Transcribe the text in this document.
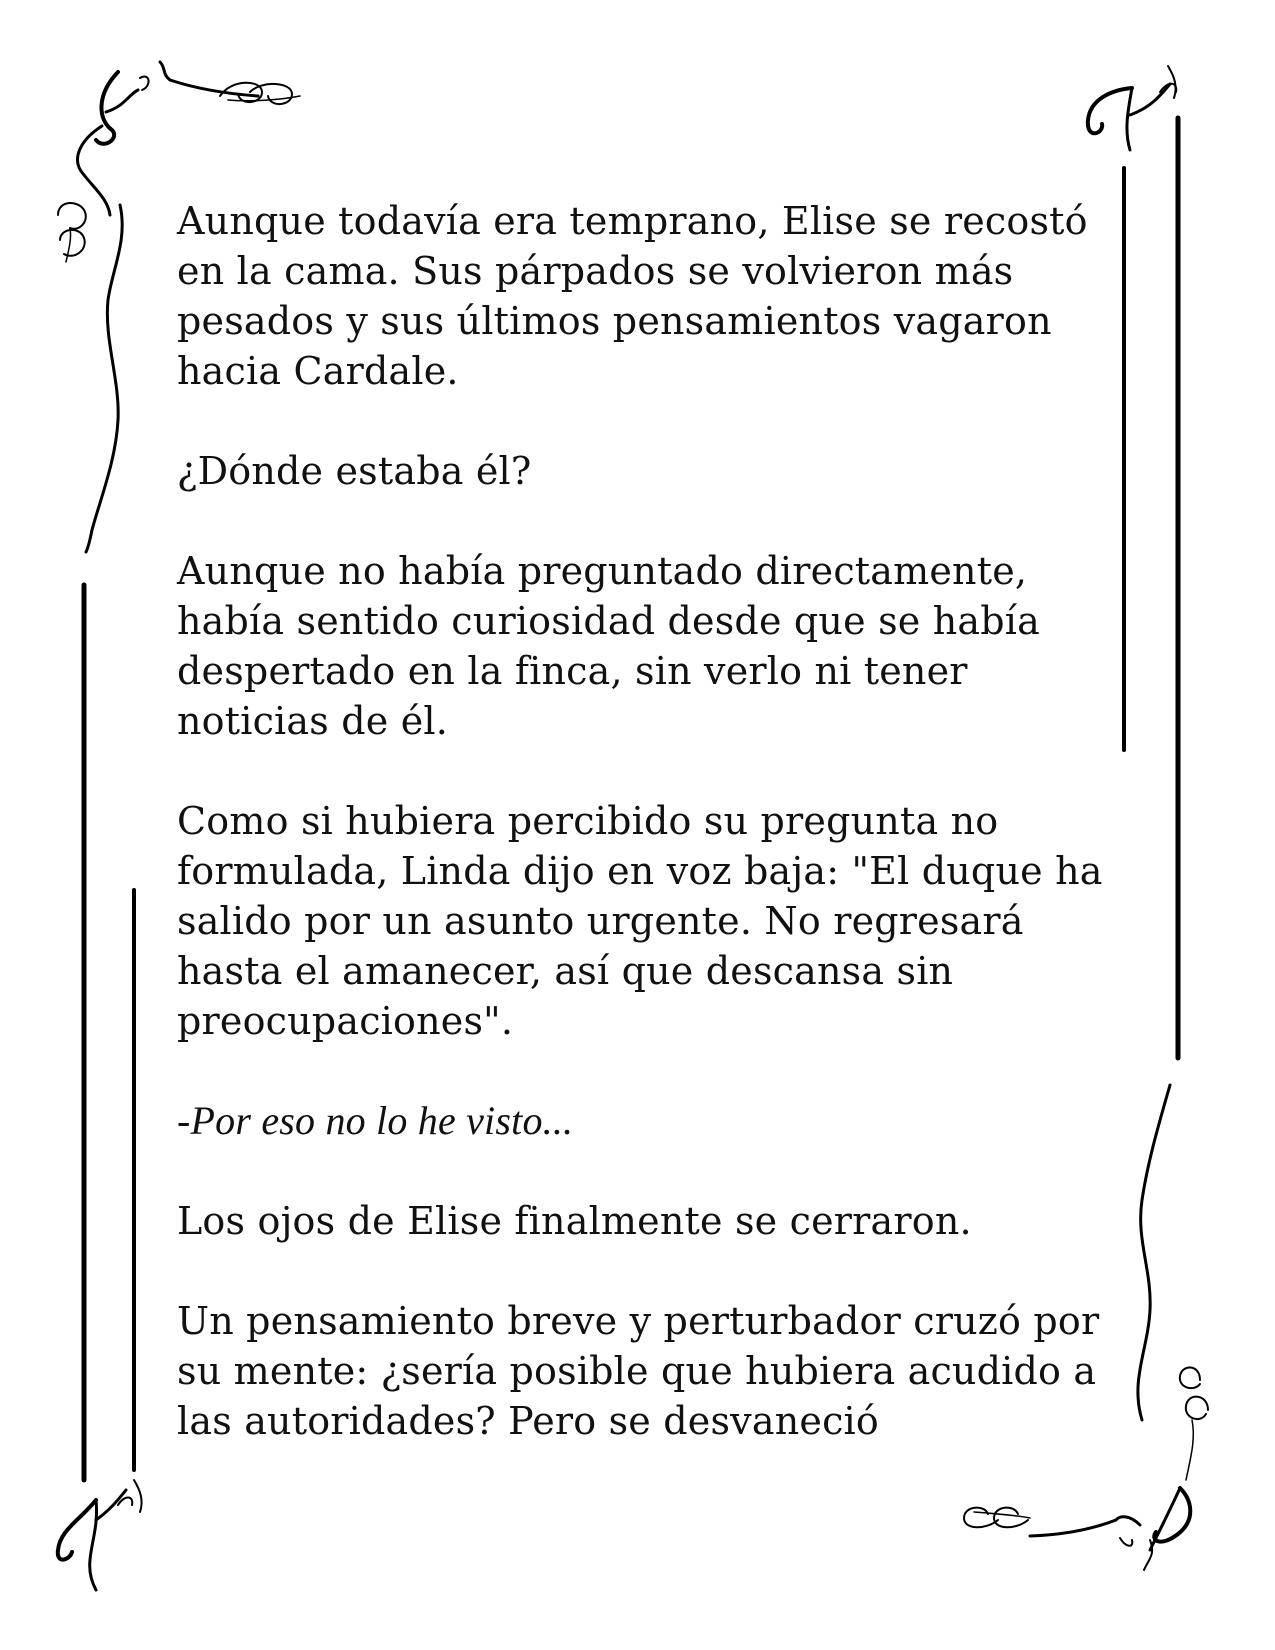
Aunque todavía era temprano, Elise se recostó
en la cama. Sus párpados se volvieron más
pesados y sus últimos pensamientos vagaron
hacia Cardale.

¿Dónde estaba él?

Aunque no había preguntado directamente,
había sentido curiosidad desde que se había
despertado en la finca, sin verlo ni tener
noticias de él.

Como si hubiera percibido su pregunta no
formulada, Linda dijo en voz baja: "El duque ha
salido por un asunto urgente. No regresará
hasta el amanecer, así que descansa sin
preocupaciones".

-Por eso no lo he visto...

Los ojos de Elise finalmente se cerraron.

Un pensamiento breve y perturbador cruzó por
su mente: ¿sería posible que hubiera acudido a
las autoridades? Pero se desvaneció
